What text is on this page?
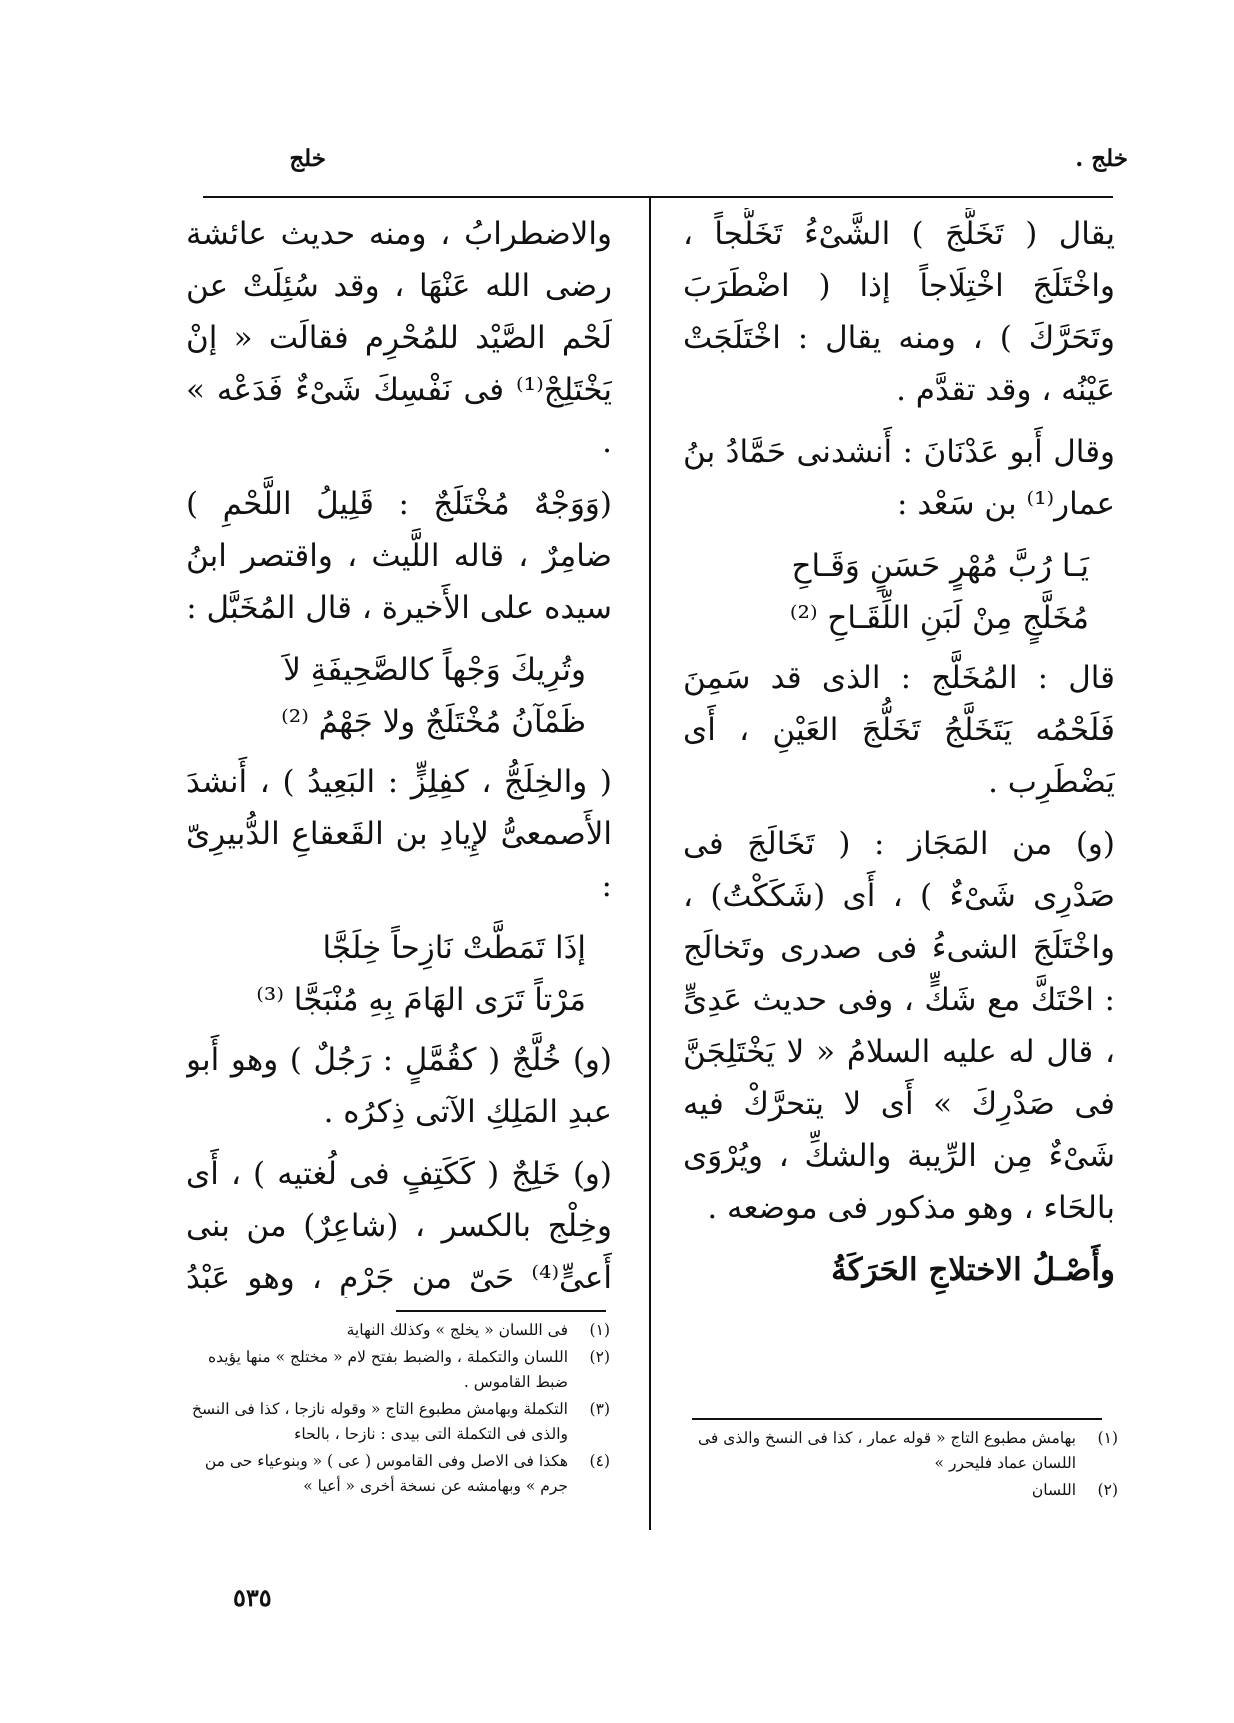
خلج .
خلج

يقال ( تَخَلَّجَ ) الشَّىْءُ تَخَلُّجاً ، واخْتَلَجَ اخْتِلَاجاً إذا ( اضْطَرَبَ وتَحَرَّكَ ) ، ومنه يقال : اخْتَلَجَتْ عَيْنُه ، وقد تقدَّم .

وقال أَبو عَدْنَانَ : أَنشدنى حَمَّادُ بنُ عمار⁽¹⁾ بن سَعْد :

يَـا رُبَّ مُهْرٍ حَسَنٍ وَقَـاحِ
مُخَلَّجٍ مِنْ لَبَنِ اللِّقَـاحِ ⁽²⁾

قال : المُخَلَّج : الذى قد سَمِنَ فَلَحْمُه يَتَخَلَّجُ تَخَلُّجَ العَيْنِ ، أَى يَضْطَرِب .

(و) من المَجَاز : ( تَخَالَجَ فى صَدْرِى شَىْءٌ ) ، أَى (شَكَكْتُ) ، واخْتَلَجَ الشىءُ فى صدرى وتَخالَج : احْتَكَّ مع شَكٍّ ، وفى حديث عَدِىٍّ ، قال له عليه السلامُ « لا يَخْتَلِجَنَّ فى صَدْرِكَ » أَى لا يتحرَّكْ فيه شَىْءٌ مِن الرِّيبة والشكِّ ، ويُرْوَى بالحَاء ، وهو مذكور فى موضعه .

وأَصْـلُ الاختلاجِ الحَرَكَةُ

والاضطرابُ ، ومنه حديث عائشة رضى الله عَنْهَا ، وقد سُئِلَتْ عن لَحْم الصَّيْد للمُحْرِم فقالَت « إنْ يَخْتَلِجْ⁽¹⁾ فى نَفْسِكَ شَىْءٌ فَدَعْه » .

(وَوَجْهٌ مُخْتَلَجٌ : قَلِيلُ اللَّحْمِ ) ضامِرٌ ، قاله اللَّيث ، واقتصر ابنُ سيده على الأَخيرة ، قال المُخَبَّل :

وتُرِيكَ وَجْهاً كالصَّحِيفَةِ لاَ
ظَمْآنُ مُخْتَلَجٌ ولا جَهْمُ ⁽²⁾

( والخِلَجُّ ، كفِلِزٍّ : البَعِيدُ ) ، أَنشدَ الأَصمعىُّ لإِيادِ بن القَعقاعِ الدُّبيرِىّ :

إذَا تَمَطَّتْ نَازِحاً خِلَجَّا
مَرْتاً تَرَى الهَامَ بِهِ مُنْبَجَّا ⁽³⁾

(و) خُلَّجٌ ( كقُمَّلٍ : رَجُلٌ ) وهو أَبو عبدِ المَلِكِ الآتى ذِكرُه .

(و) خَلِجٌ ( كَكَتِفٍ فى لُغتيه ) ، أَى وخِلْج بالكسر ، (شاعِرٌ) من بنى أَعىٍّ⁽⁴⁾ حَىّ من جَرْمٍ ، وهو عَبْدُ

(١)
بهامش مطبوع التاج « قوله عمار ، كذا فى النسخ والذى فى اللسان عماد فليحرر »
(٢)
اللسان
(١)
فى اللسان « يخلج » وكذلك النهاية
(٢)
اللسان والتكملة ، والضبط بفتح لام « مختلج » منها يؤيده ضبط القاموس .
(٣)
التكملة وبهامش مطبوع التاج « وقوله نازجا ، كذا فى النسخ والذى فى التكملة التى بيدى : نازحا ، بالحاء
(٤)
هكذا فى الاصل وفى القاموس ( عى ) « وبنوعياء حى من جرم » وبهامشه عن نسخة أخرى « أعيا »
٥٣٥
